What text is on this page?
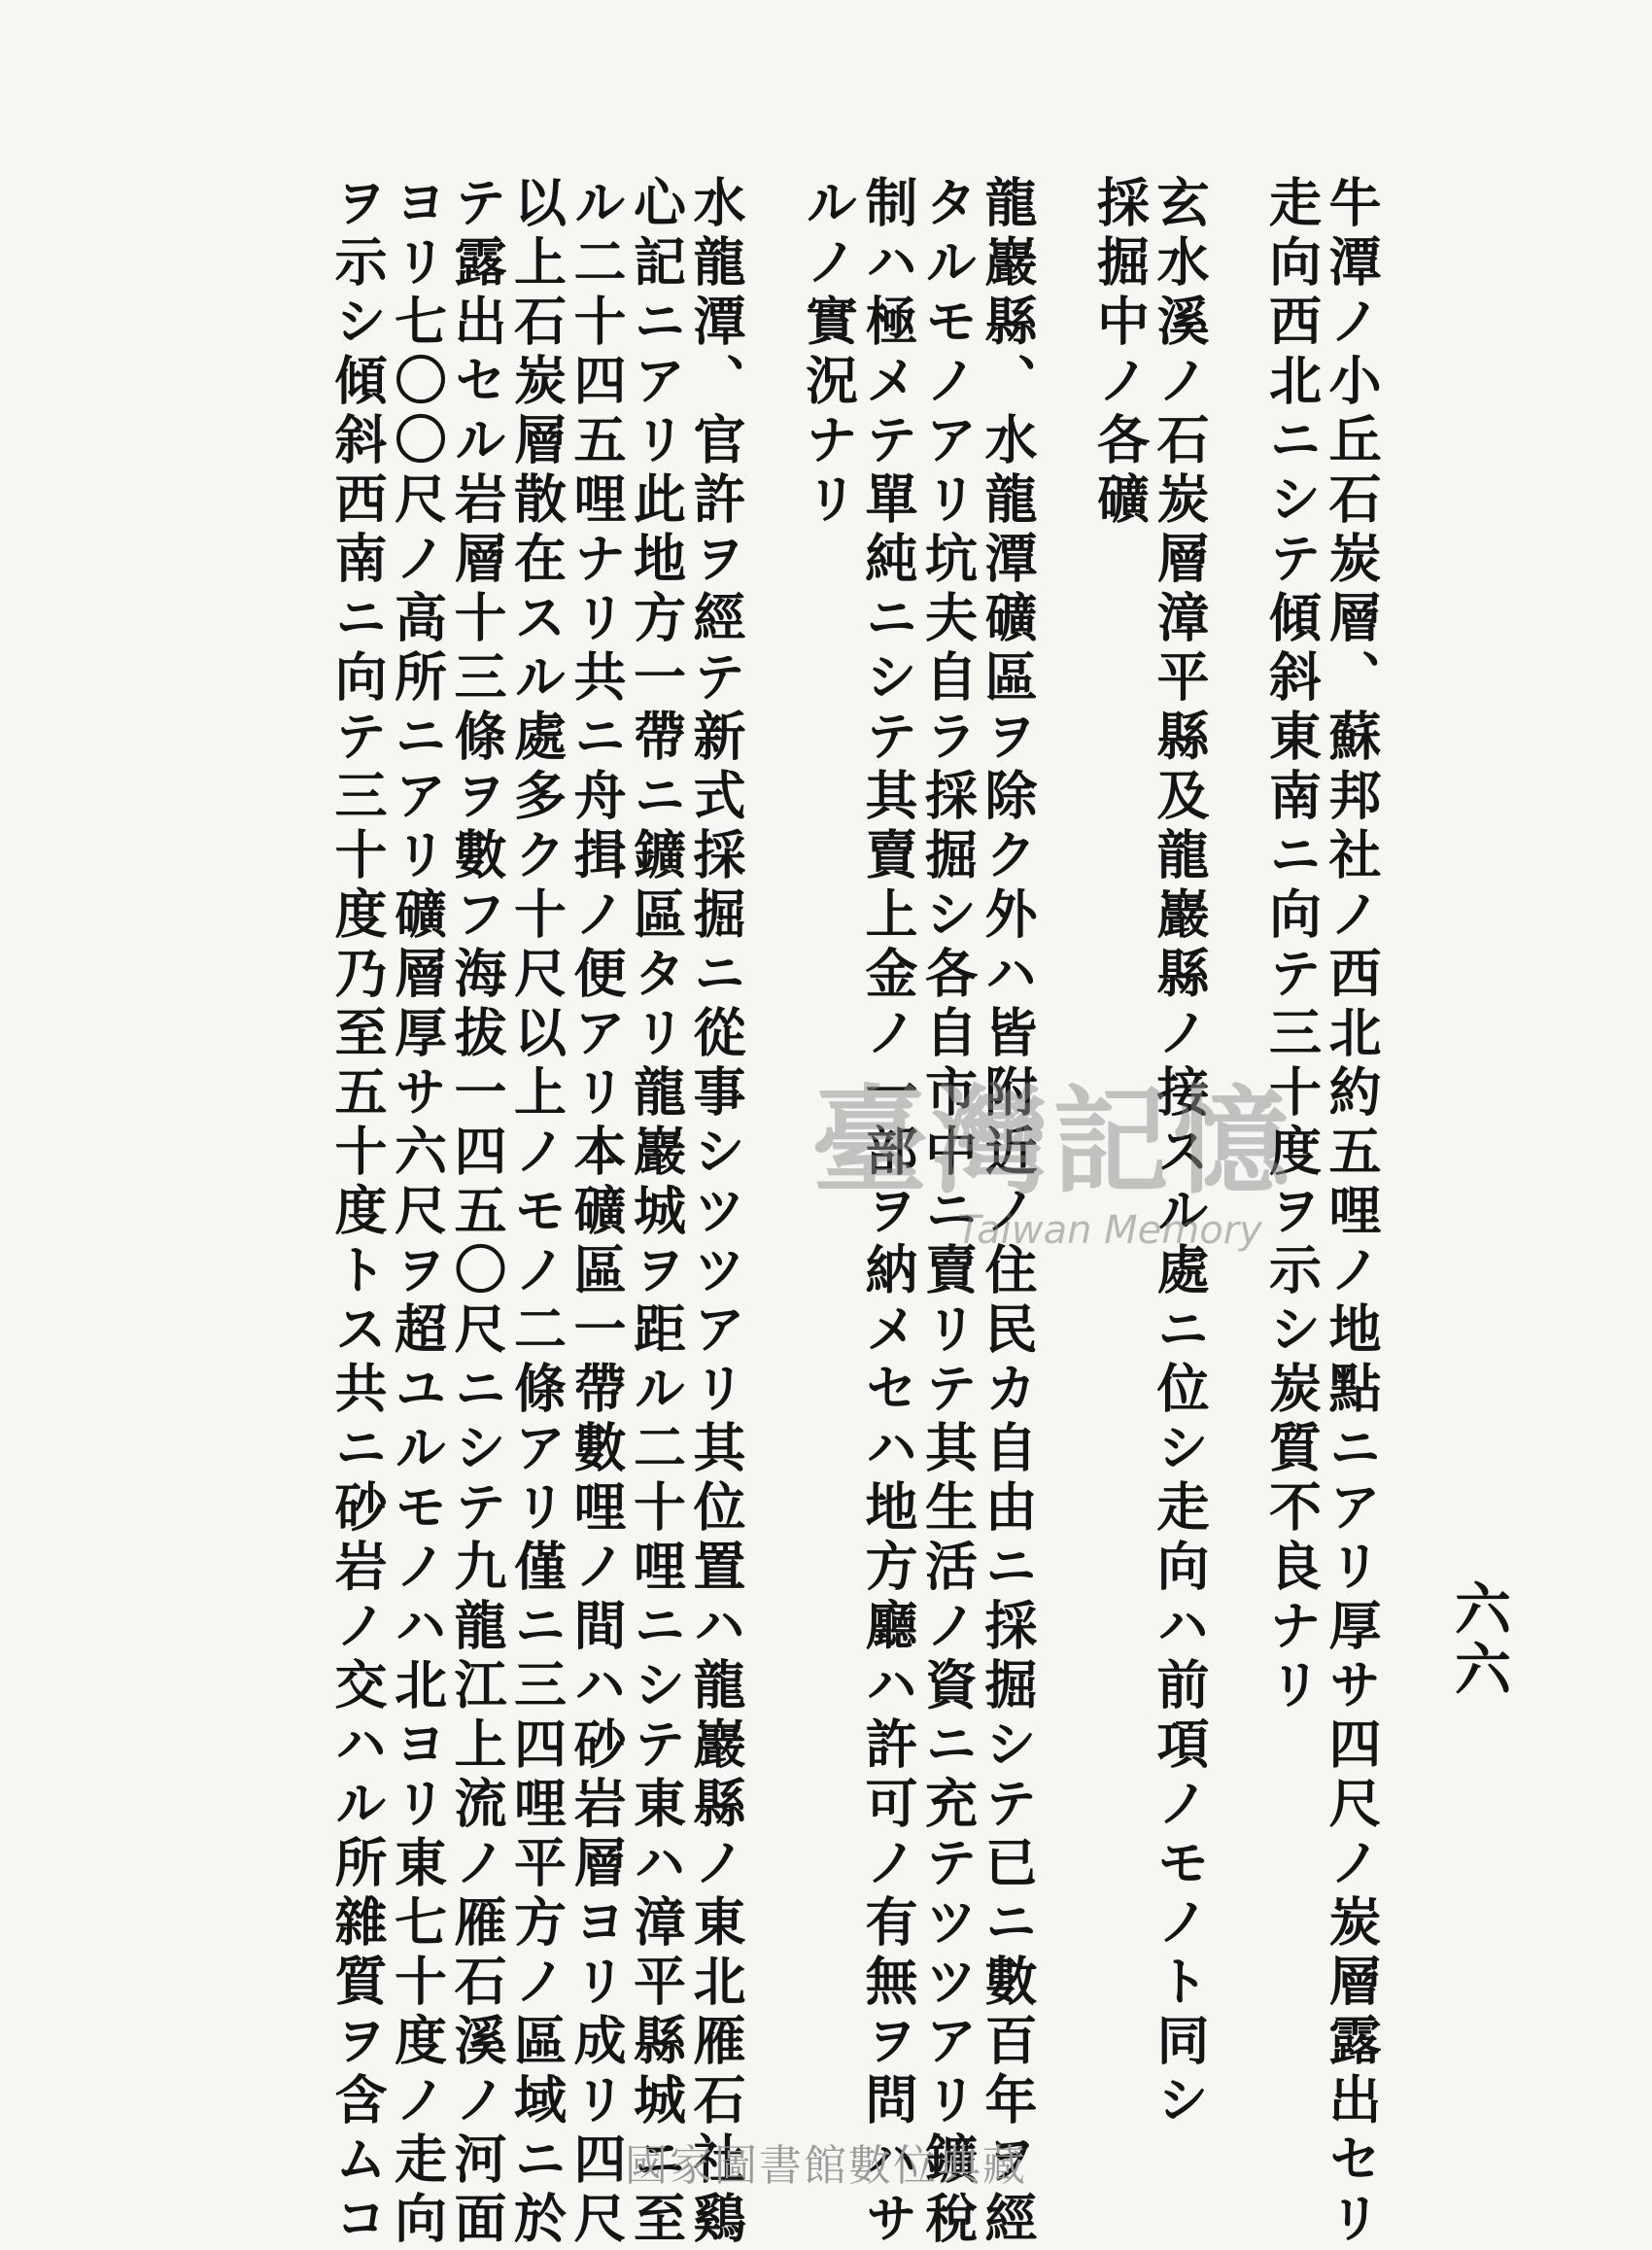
六六
牛潭ノ小丘石炭層、蘇邦社ノ西北約五哩ノ地點ニアリ厚サ四尺ノ炭層露出セリ
走向西北ニシテ傾斜東南ニ向テ三十度ヲ示シ炭質不良ナリ
玄水溪ノ石炭層漳平縣及龍巖縣ノ接スル處ニ位シ走向ハ前項ノモノト同シ
採掘中ノ各礦
龍巖縣、水龍潭礦區ヲ除ク外ハ皆附近ノ住民カ自由ニ採掘シテ已ニ數百年ヲ經
タルモノアリ坑夫自ラ採掘シ各自市中ニ賣リテ其生活ノ資ニ充テツツアリ鑛稅
制ハ極メテ單純ニシテ其賣上金ノ一部ヲ納メセハ地方廳ハ許可ノ有無ヲ問ハサ
ルノ實況ナリ
水龍潭、官許ヲ經テ新式採掘ニ從事シツツアリ其位置ハ龍巖縣ノ東北雁石社鷄
心記ニアリ此地方一帶ニ鑛區タリ龍巖城ヲ距ル二十哩ニシテ東ハ漳平縣城ニ至
ル二十四五哩ナリ共ニ舟揖ノ便アリ本礦區一帶數哩ノ間ハ砂岩層ヨリ成リ四尺
以上石炭層散在スル處多ク十尺以上ノモノ二條アリ僅ニ三四哩平方ノ區域ニ於
テ露出セル岩層十三條ヲ數フ海拔一四五〇尺ニシテ九龍江上流ノ雁石溪ノ河面
ヨリ七〇〇尺ノ高所ニアリ礦層厚サ六尺ヲ超ユルモノハ北ヨリ東七十度ノ走向
ヲ示シ傾斜西南ニ向テ三十度乃至五十度トス共ニ砂岩ノ交ハル所雜質ヲ含ムコ	臺灣記憶
Taiwan Memory
國家圖書館數位典藏
